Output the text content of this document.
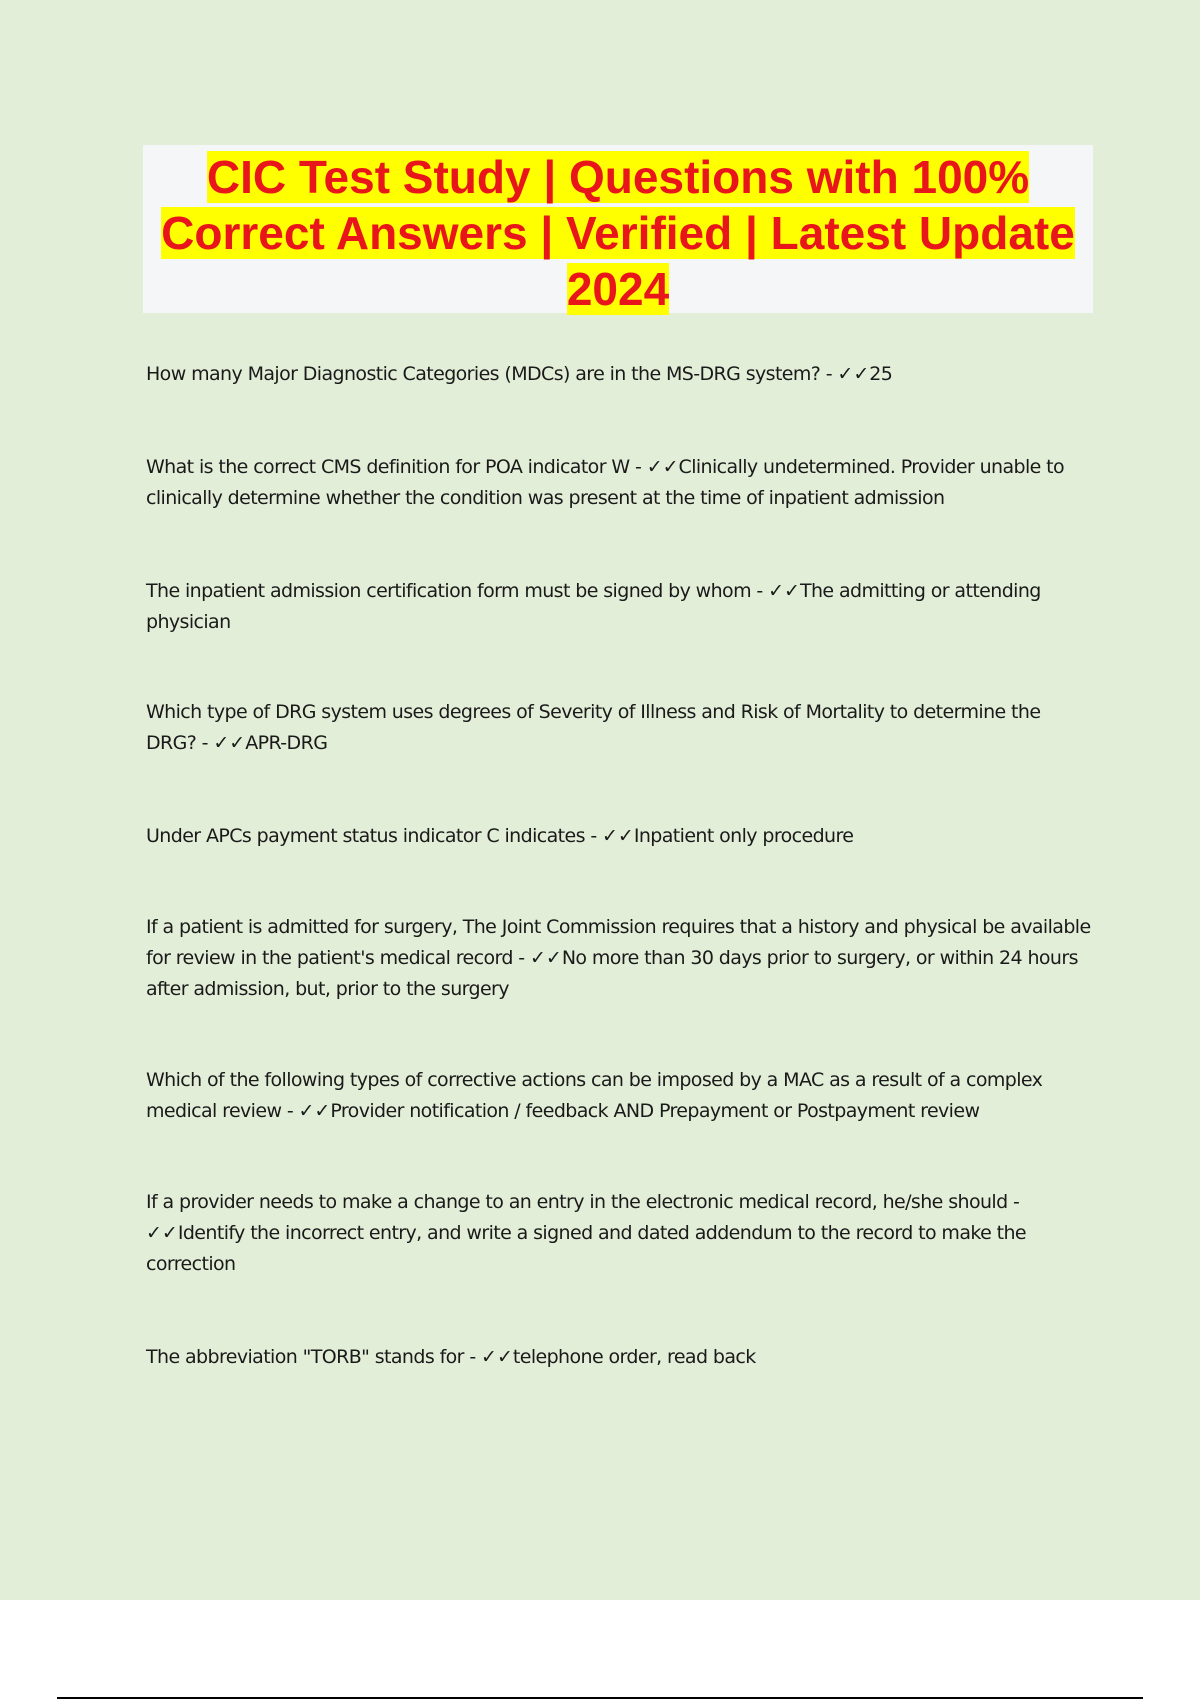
CIC Test Study | Questions with 100% Correct Answers | Verified | Latest Update 2024

How many Major Diagnostic Categories (MDCs) are in the MS-DRG system? - ✓✓25

What is the correct CMS definition for POA indicator W - ✓✓Clinically undetermined. Provider unable to clinically determine whether the condition was present at the time of inpatient admission

The inpatient admission certification form must be signed by whom - ✓✓The admitting or attending physician

Which type of DRG system uses degrees of Severity of Illness and Risk of Mortality to determine the DRG? - ✓✓APR-DRG

Under APCs payment status indicator C indicates - ✓✓Inpatient only procedure

If a patient is admitted for surgery, The Joint Commission requires that a history and physical be available for review in the patient's medical record - ✓✓No more than 30 days prior to surgery, or within 24 hours after admission, but, prior to the surgery

Which of the following types of corrective actions can be imposed by a MAC as a result of a complex medical review - ✓✓Provider notification / feedback AND Prepayment or Postpayment review

If a provider needs to make a change to an entry in the electronic medical record, he/she should - ✓✓Identify the incorrect entry, and write a signed and dated addendum to the record to make the correction

The abbreviation "TORB" stands for - ✓✓telephone order, read back
